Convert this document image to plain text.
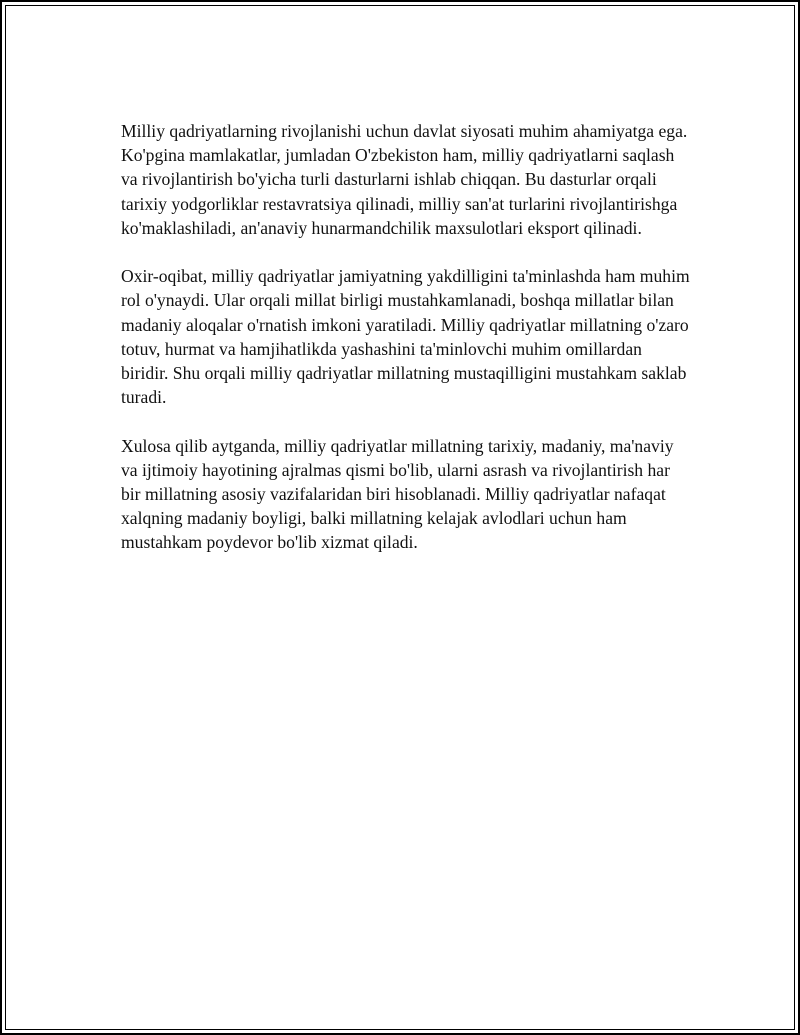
Milliy qadriyatlarning rivojlanishi uchun davlat siyosati muhim ahamiyatga ega. Ko'pgina mamlakatlar, jumladan O'zbekiston ham, milliy qadriyatlarni saqlash va rivojlantirish bo'yicha turli dasturlarni ishlab chiqqan. Bu dasturlar orqali tarixiy yodgorliklar restavratsiya qilinadi, milliy san'at turlarini rivojlantirishga ko'maklashiladi, an'anaviy hunarmandchilik maxsulotlari eksport qilinadi.

Oxir-oqibat, milliy qadriyatlar jamiyatning yakdilligini ta'minlashda ham muhim rol o'ynaydi. Ular orqali millat birligi mustahkamlanadi, boshqa millatlar bilan madaniy aloqalar o'rnatish imkoni yaratiladi. Milliy qadriyatlar millatning o'zaro totuv, hurmat va hamjihatlikda yashashini ta'minlovchi muhim omillardan biridir. Shu orqali milliy qadriyatlar millatning mustaqilligini mustahkam saklab turadi.

Xulosa qilib aytganda, milliy qadriyatlar millatning tarixiy, madaniy, ma'naviy va ijtimoiy hayotining ajralmas qismi bo'lib, ularni asrash va rivojlantirish har bir millatning asosiy vazifalaridan biri hisoblanadi. Milliy qadriyatlar nafaqat xalqning madaniy boyligi, balki millatning kelajak avlodlari uchun ham mustahkam poydevor bo'lib xizmat qiladi.
